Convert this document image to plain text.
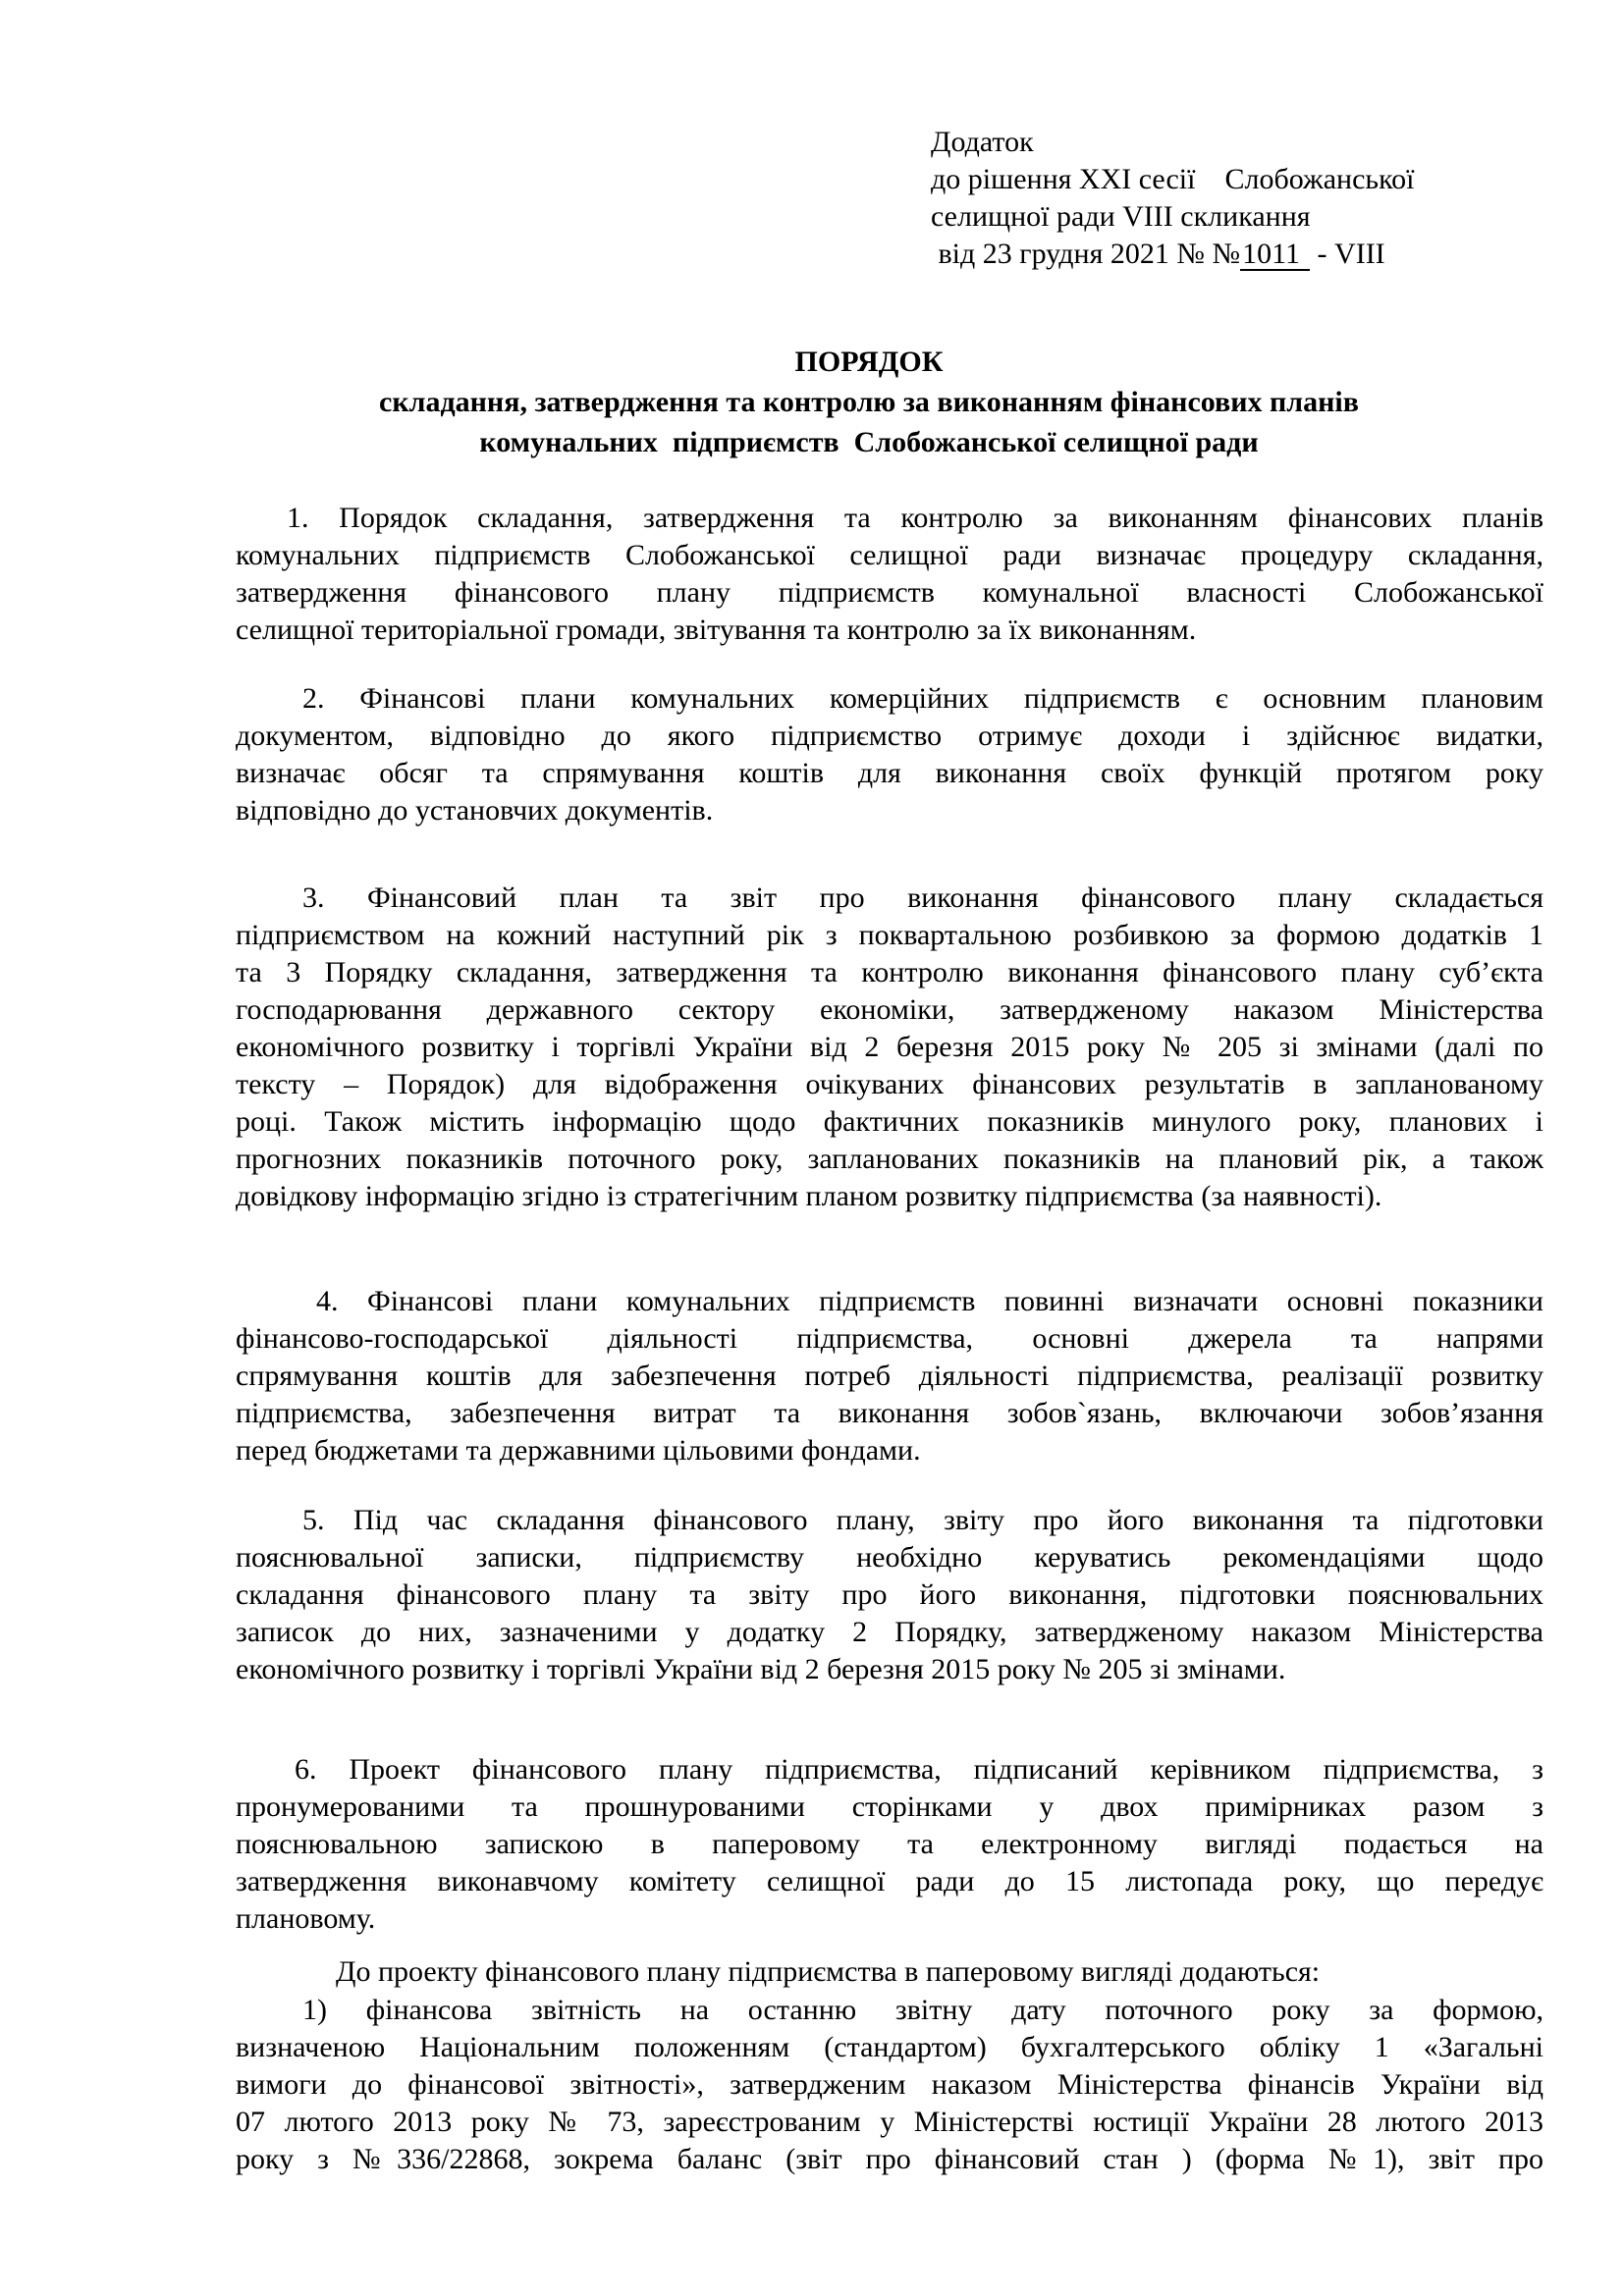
Додаток
до рішення XXI сесії    Слобожанської
селищної ради VIII скликання
від 23 грудня 2021 № №1011 - VIII
ПОРЯДОК
складання, затвердження та контролю за виконанням фінансових планів
комунальних  підприємств  Слобожанської селищної ради
1. Порядок складання, затвердження та контролю за виконанням фінансових планів
комунальних підприємств Слобожанської селищної ради визначає процедуру складання,
затвердження фінансового плану підприємств комунальної власності Слобожанської
селищної територіальної громади, звітування та контролю за їх виконанням.
2. Фінансові плани комунальних комерційних підприємств є основним плановим
документом, відповідно до якого підприємство отримує доходи і здійснює видатки,
визначає обсяг та спрямування коштів для виконання своїх функцій протягом року
відповідно до установчих документів.
3. Фінансовий план та звіт про виконання фінансового плану складається
підприємством на кожний наступний рік з поквартальною розбивкою за формою додатків 1
та 3 Порядку складання, затвердження та контролю виконання фінансового плану суб’єкта
господарювання державного сектору економіки, затвердженому наказом Міністерства
економічного розвитку і торгівлі України від 2 березня 2015 року № 205 зі змінами (далі по
тексту – Порядок) для відображення очікуваних фінансових результатів в запланованому
році. Також містить інформацію щодо фактичних показників минулого року, планових і
прогнозних показників поточного року, запланованих показників на плановий рік, а також
довідкову інформацію згідно із стратегічним планом розвитку підприємства (за наявності).
4. Фінансові плани комунальних підприємств повинні визначати основні показники
фінансово-господарської діяльності підприємства, основні джерела та напрями
спрямування коштів для забезпечення потреб діяльності підприємства, реалізації розвитку
підприємства, забезпечення витрат та виконання зобов`язань, включаючи зобов’язання
перед бюджетами та державними цільовими фондами.
5. Під час складання фінансового плану, звіту про його виконання та підготовки
пояснювальної записки, підприємству необхідно керуватись рекомендаціями щодо
складання фінансового плану та звіту про його виконання, підготовки пояснювальних
записок до них, зазначеними у додатку 2 Порядку, затвердженому наказом Міністерства
економічного розвитку і торгівлі України від 2 березня 2015 року № 205 зі змінами.
6. Проект фінансового плану підприємства, підписаний керівником підприємства, з
пронумерованими та прошнурованими сторінками у двох примірниках разом з
пояснювальною запискою в паперовому та електронному вигляді подається на
затвердження виконавчому комітету селищної ради до 15 листопада року, що передує
плановому.
До проекту фінансового плану підприємства в паперовому вигляді додаються:
1) фінансова звітність на останню звітну дату поточного року за формою,
визначеною Національним положенням (стандартом) бухгалтерського обліку 1 «Загальні
вимоги до фінансової звітності», затвердженим наказом Міністерства фінансів України від
07 лютого 2013 року № 73, зареєстрованим у Міністерстві юстиції України 28 лютого 2013
року з №336/22868, зокрема баланс (звіт про фінансовий стан ) (форма №1), звіт про
